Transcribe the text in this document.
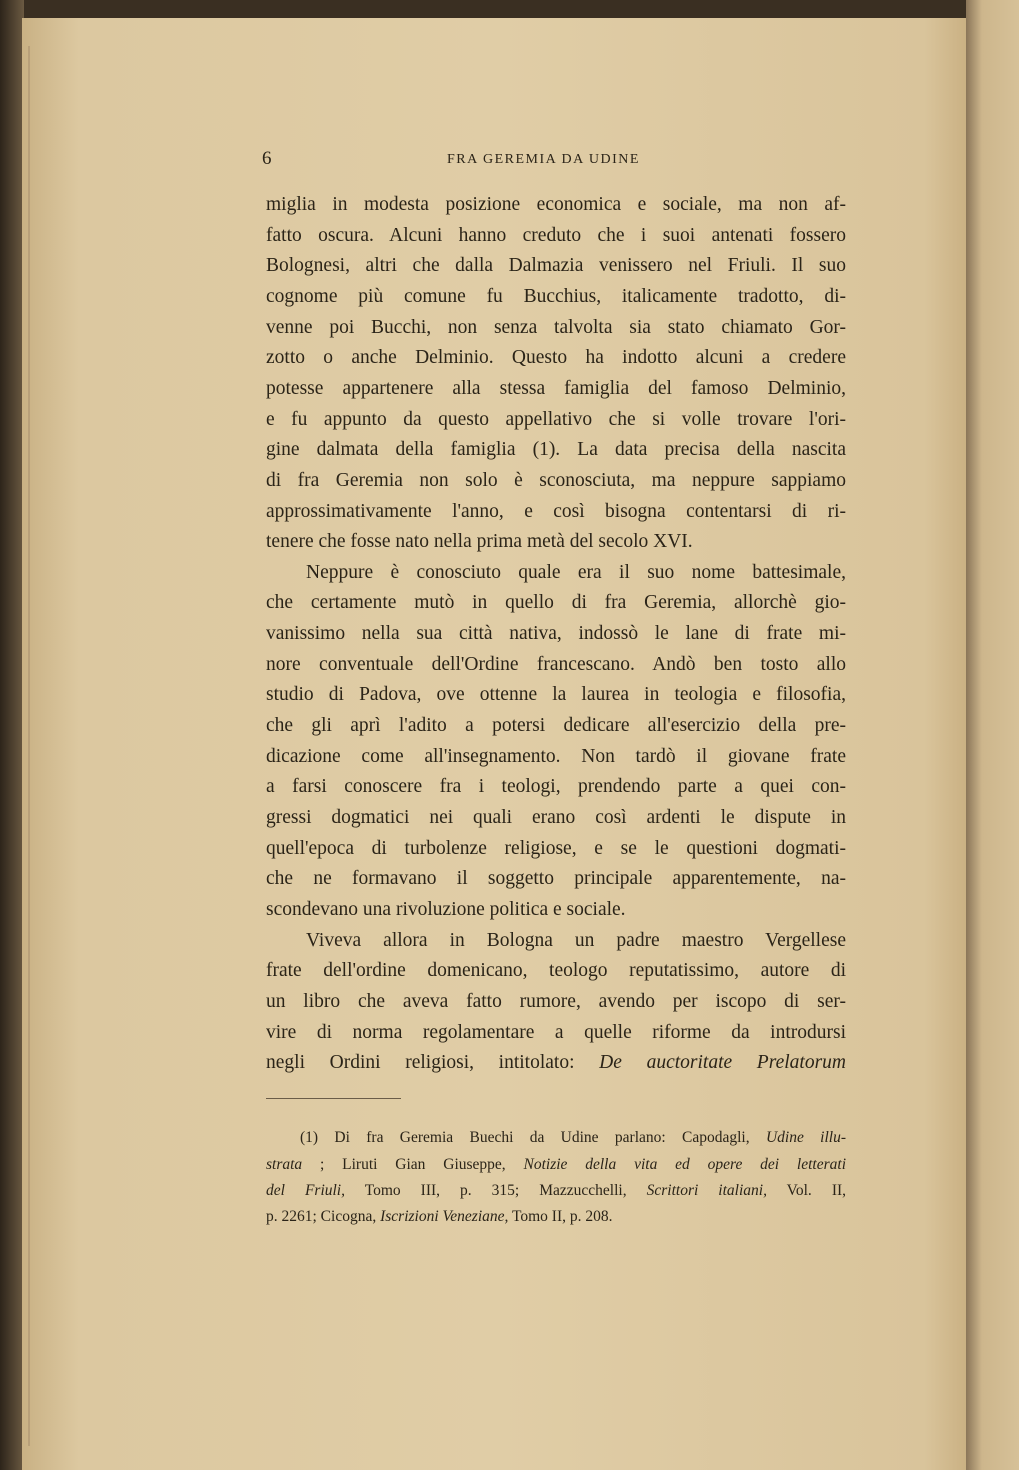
6	FRA GEREMIA DA UDINE
miglia in modesta posizione economica e sociale, ma non af-
fatto oscura. Alcuni hanno creduto che i suoi antenati fossero
Bolognesi, altri che dalla Dalmazia venissero nel Friuli. Il suo
cognome più comune fu Bucchius, italicamente tradotto, di-
venne poi Bucchi, non senza talvolta sia stato chiamato Gor-
zotto o anche Delminio. Questo ha indotto alcuni a credere
potesse appartenere alla stessa famiglia del famoso Delminio,
e fu appunto da questo appellativo che si volle trovare l'ori-
gine dalmata della famiglia (1). La data precisa della nascita
di fra Geremia non solo è sconosciuta, ma neppure sappiamo
approssimativamente l'anno, e così bisogna contentarsi di ri-
tenere che fosse nato nella prima metà del secolo XVI.
Neppure è conosciuto quale era il suo nome battesimale,
che certamente mutò in quello di fra Geremia, allorchè gio-
vanissimo nella sua città nativa, indossò le lane di frate mi-
nore conventuale dell'Ordine francescano. Andò ben tosto allo
studio di Padova, ove ottenne la laurea in teologia e filosofia,
che gli aprì l'adito a potersi dedicare all'esercizio della pre-
dicazione come all'insegnamento. Non tardò il giovane frate
a farsi conoscere fra i teologi, prendendo parte a quei con-
gressi dogmatici nei quali erano così ardenti le dispute in
quell'epoca di turbolenze religiose, e se le questioni dogmati-
che ne formavano il soggetto principale apparentemente, na-
scondevano una rivoluzione politica e sociale.
Viveva allora in Bologna un padre maestro Vergellese
frate dell'ordine domenicano, teologo reputatissimo, autore di
un libro che aveva fatto rumore, avendo per iscopo di ser-
vire di norma regolamentare a quelle riforme da introdursi
negli Ordini religiosi, intitolato: De auctoritate Prelatorum
(1) Di fra Geremia Buechi da Udine parlano: Capodagli, Udine illu-
strata ; Liruti Gian Giuseppe, Notizie della vita ed opere dei letterati
del Friuli, Tomo III, p. 315; Mazzucchelli, Scrittori italiani, Vol. II,
p. 2261; Cicogna, Iscrizioni Veneziane, Tomo II, p. 208.
